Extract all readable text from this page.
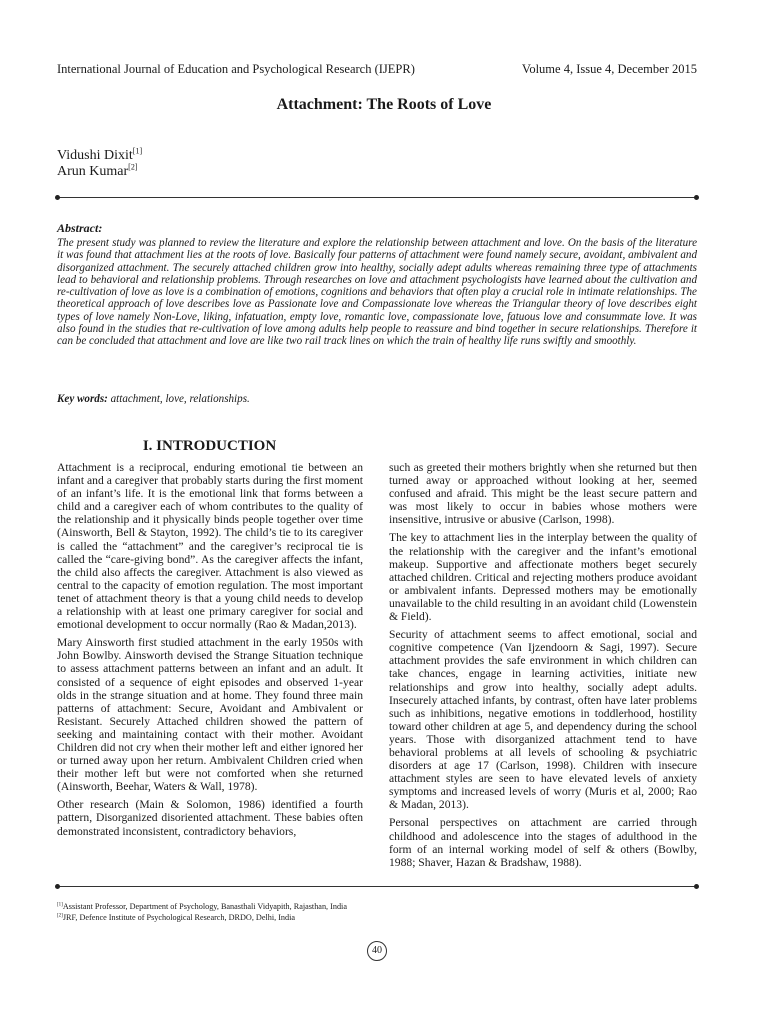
International Journal of Education and Psychological Research (IJEPR)	Volume 4, Issue 4, December 2015
Attachment: The Roots of Love
Vidushi Dixit[1]
Arun Kumar[2]
Abstract:
The present study was planned to review the literature and explore the relationship between attachment and love. On the basis of the literature it was found that attachment lies at the roots of love. Basically four patterns of attachment were found namely secure, avoidant, ambivalent and disorganized attachment. The securely attached children grow into healthy, socially adept adults whereas remaining three type of attachments lead to behavioral and relationship problems. Through researches on love and attachment psychologists have learned about the cultivation and re-cultivation of love as love is a combination of emotions, cognitions and behaviors that often play a crucial role in intimate relationships. The theoretical approach of love describes love as Passionate love and Compassionate love whereas the Triangular theory of love describes eight types of love namely Non-Love, liking, infatuation, empty love, romantic love, compassionate love, fatuous love and consummate love. It was also found in the studies that re-cultivation of love among adults help people to reassure and bind together in secure relationships. Therefore it can be concluded that attachment and love are like two rail track lines on which the train of healthy life runs swiftly and smoothly.
Key words: attachment, love, relationships.
I. INTRODUCTION

Attachment is a reciprocal, enduring emotional tie between an infant and a caregiver that probably starts during the first moment of an infant’s life. It is the emotional link that forms between a child and a caregiver each of whom contributes to the quality of the relationship and it physically binds people together over time (Ainsworth, Bell & Stayton, 1992). The child’s tie to its caregiver is called the “attachment” and the caregiver’s reciprocal tie is called the “care-giving bond”. As the caregiver affects the infant, the child also affects the caregiver. Attachment is also viewed as central to the capacity of emotion regulation. The most important tenet of attachment theory is that a young child needs to develop a relationship with at least one primary caregiver for social and emotional development to occur normally (Rao & Madan,2013).

Mary Ainsworth first studied attachment in the early 1950s with John Bowlby. Ainsworth devised the Strange Situation technique to assess attachment patterns between an infant and an adult. It consisted of a sequence of eight episodes and observed 1-year olds in the strange situation and at home. They found three main patterns of attachment: Secure, Avoidant and Ambivalent or Resistant. Securely Attached children showed the pattern of seeking and maintaining contact with their mother. Avoidant Children did not cry when their mother left and either ignored her or turned away upon her return. Ambivalent Children cried when their mother left but were not comforted when she returned (Ainsworth, Beehar, Waters & Wall, 1978).

Other research (Main & Solomon, 1986) identified a fourth pattern, Disorganized disoriented attachment. These babies often demonstrated inconsistent, contradictory behaviors,

such as greeted their mothers brightly when she returned but then turned away or approached without looking at her, seemed confused and afraid. This might be the least secure pattern and was most likely to occur in babies whose mothers were insensitive, intrusive or abusive (Carlson, 1998).

The key to attachment lies in the interplay between the quality of the relationship with the caregiver and the infant’s emotional makeup. Supportive and affectionate mothers beget securely attached children. Critical and rejecting mothers produce avoidant or ambivalent infants. Depressed mothers may be emotionally unavailable to the child resulting in an avoidant child (Lowenstein & Field).

Security of attachment seems to affect emotional, social and cognitive competence (Van Ijzendoorn & Sagi, 1997). Secure attachment provides the safe environment in which children can take chances, engage in learning activities, initiate new relationships and grow into healthy, socially adept adults. Insecurely attached infants, by contrast, often have later problems such as inhibitions, negative emotions in toddlerhood, hostility toward other children at age 5, and dependency during the school years. Those with disorganized attachment tend to have behavioral problems at all levels of schooling & psychiatric disorders at age 17 (Carlson, 1998). Children with insecure attachment styles are seen to have elevated levels of anxiety symptoms and increased levels of worry (Muris et al, 2000; Rao & Madan, 2013).

Personal perspectives on attachment are carried through childhood and adolescence into the stages of adulthood in the form of an internal working model of self & others (Bowlby, 1988; Shaver, Hazan & Bradshaw, 1988).

[1]Assistant Professor, Department of Psychology, Banasthali Vidyapith, Rajasthan, India
[2]JRF, Defence Institute of Psychological Research, DRDO, Delhi, India
40
